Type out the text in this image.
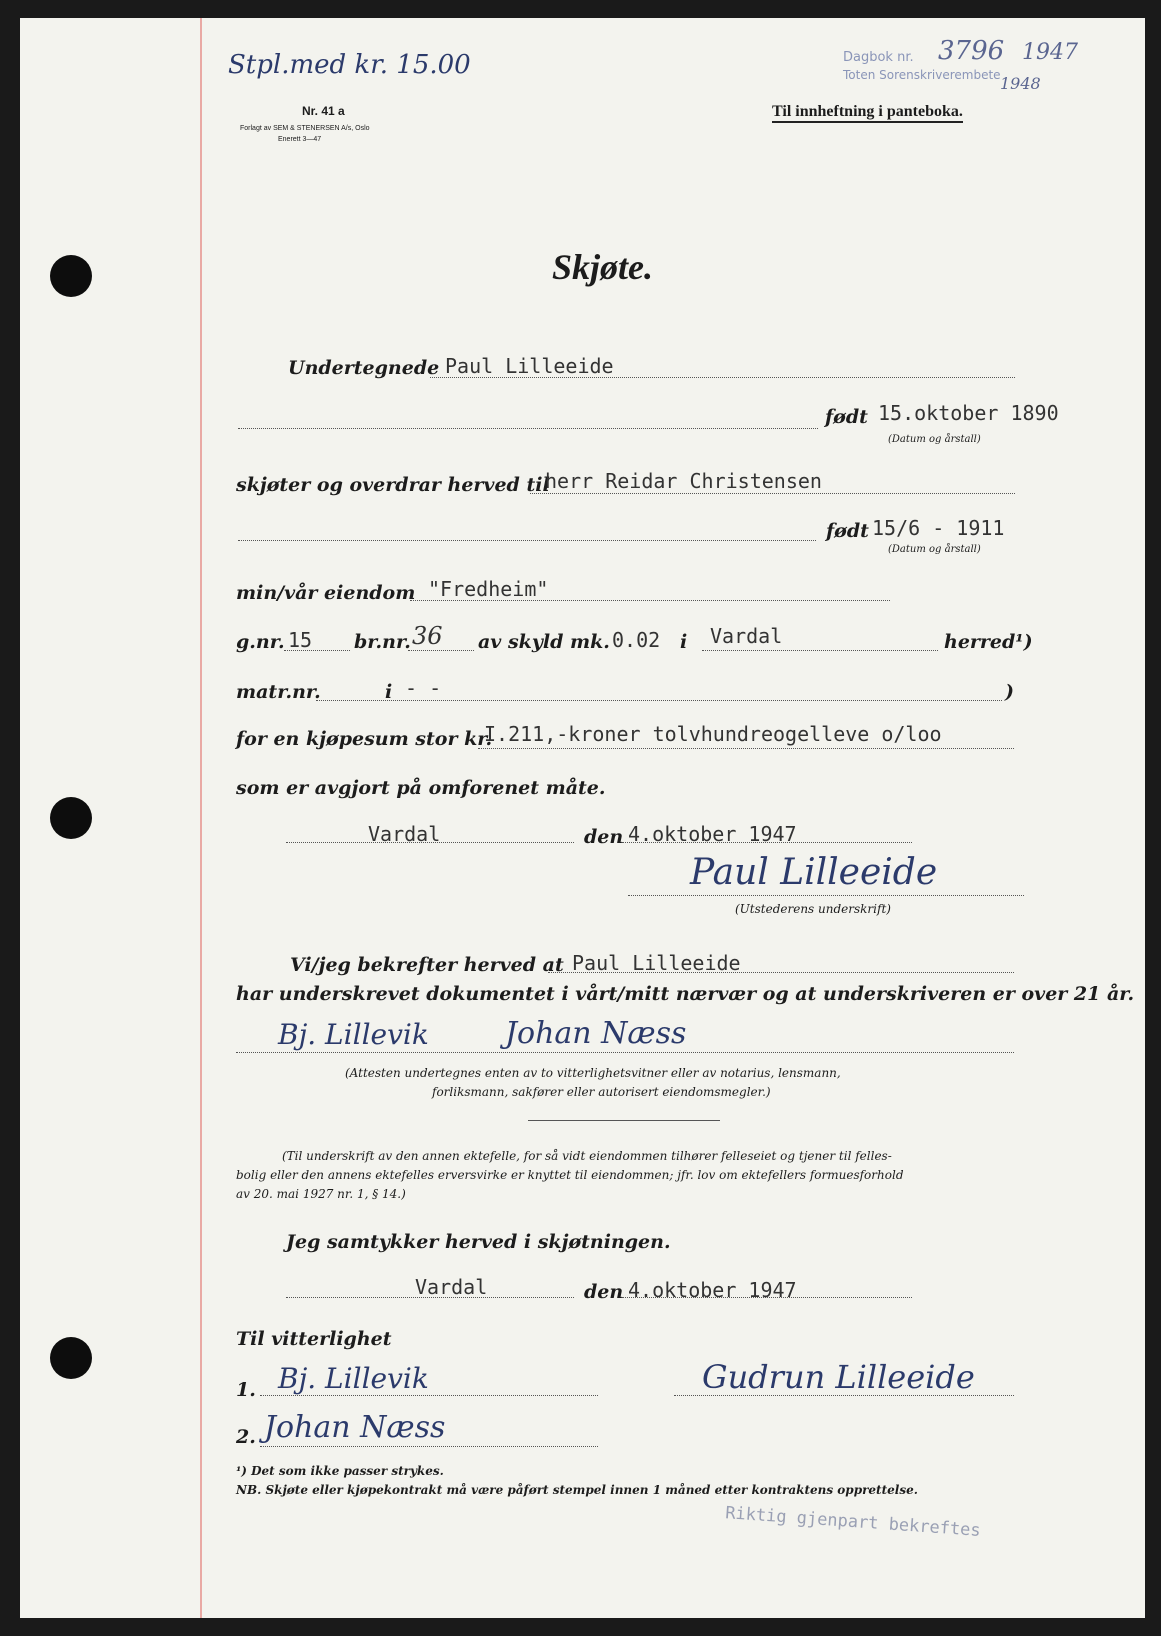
Stpl.med kr. 15.00
Nr. 41 a
Forlagt av SEM & STENERSEN A/s, Oslo
Enerett 3—47
Dagbok nr.
Toten Sorenskriverembete
3796 1947
1948
Til innheftning i panteboka.
Skjøte.
Undertegnede Paul Lilleeide
født 15.oktober 1890
(Datum og årstall)
skjøter og overdrar herved til
herr Reidar Christensen
født 15/6 - 1911
(Datum og årstall)
min/vår eiendom "Fredheim"
g.nr. 15 br.nr. 36 av skyld mk. 0.02 i Vardal	herred¹)
matr.nr.	i - -	)
for en kjøpesum stor kr.
I.211,-kroner tolvhundreogelleve o/loo
som er avgjort på omforenet måte.
Vardal	den 4.oktober 1947
Paul Lilleeide
(Utstederens underskrift)
Vi/jeg bekrefter herved at Paul Lilleeide
har underskrevet dokumentet i vårt/mitt nærvær og at underskriveren er over 21 år.
Bj. Lillevik	Johan Næss
(Attesten undertegnes enten av to vitterlighetsvitner eller av notarius, lensmann,
forliksmann, sakfører eller autorisert eiendomsmegler.)
(Til underskrift av den annen ektefelle, for så vidt eiendommen tilhører felleseiet og tjener til felles-
bolig eller den annens ektefelles erversvirke er knyttet til eiendommen; jfr. lov om ektefellers formuesforhold
av 20. mai 1927 nr. 1, § 14.)
Jeg samtykker herved i skjøtningen.
Vardal	den 4.oktober 1947
Til vitterlighet
1. Bj. Lillevik	Gudrun Lilleeide
2. Johan Næss
¹) Det som ikke passer strykes.
NB. Skjøte eller kjøpekontrakt må være påført stempel innen 1 måned etter kontraktens opprettelse.
Riktig gjenpart bekreftes
